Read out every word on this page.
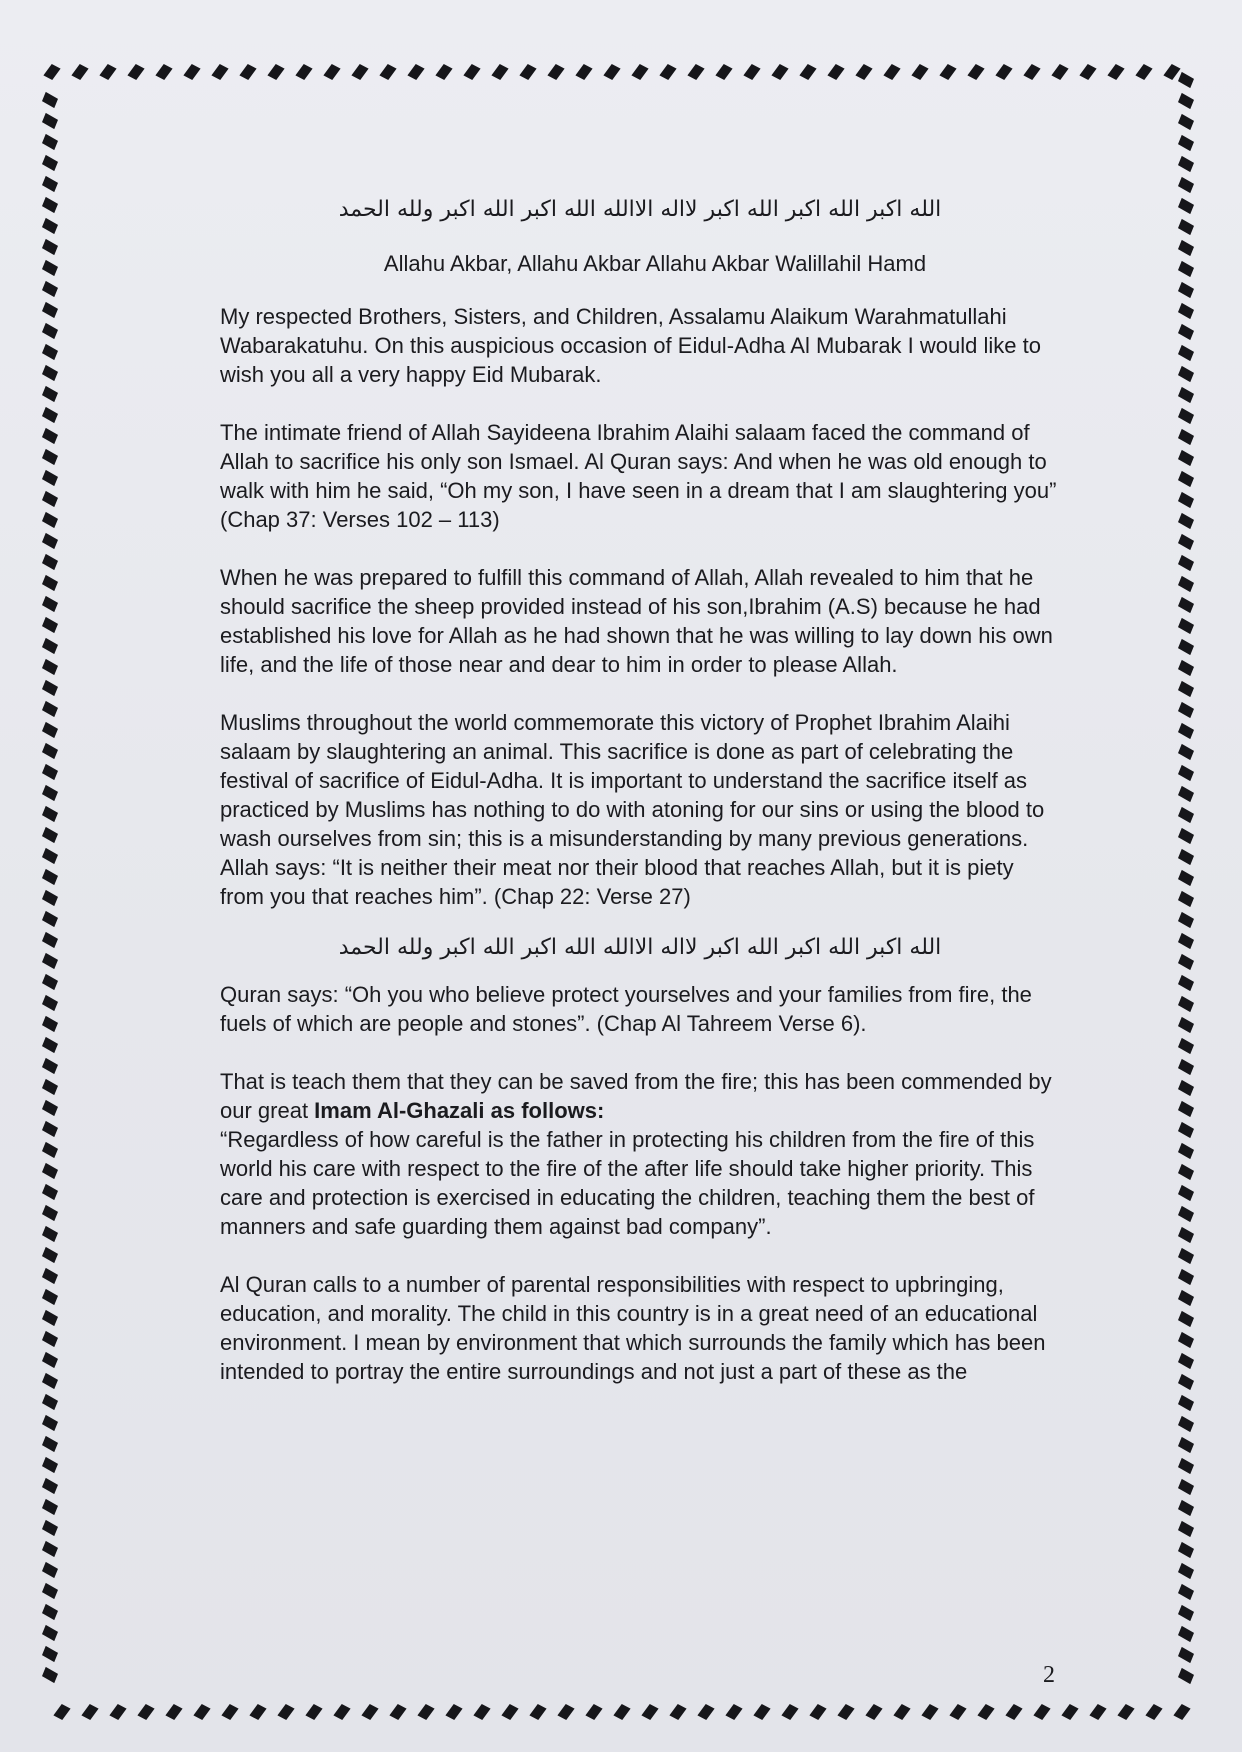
الله اكبر الله اكبر الله اكبر لااله الاالله الله اكبر الله اكبر ولله الحمد

Allahu Akbar, Allahu Akbar Allahu Akbar Walillahil Hamd

My respected Brothers, Sisters, and Children, Assalamu Alaikum Warahmatullahi Wabarakatuhu. On this auspicious occasion of Eidul-Adha Al Mubarak I would like to wish you all a very happy Eid Mubarak.

The intimate friend of Allah Sayideena Ibrahim Alaihi salaam faced the command of Allah to sacrifice his only son Ismael. Al Quran says: And when he was old enough to walk with him he said, “Oh my son, I have seen in a dream that I am slaughtering you” (Chap 37: Verses 102 – 113)

When he was prepared to fulfill this command of Allah, Allah revealed to him that he should sacrifice the sheep provided instead of his son,Ibrahim (A.S) because he had established his love for Allah as he had shown that he was willing to lay down his own life, and the life of those near and dear to him in order to please Allah.

Muslims throughout the world commemorate this victory of Prophet Ibrahim Alaihi salaam by slaughtering an animal. This sacrifice is done as part of celebrating the festival of sacrifice of Eidul-Adha. It is important to understand the sacrifice itself as practiced by Muslims has nothing to do with atoning for our sins or using the blood to wash ourselves from sin; this is a misunderstanding by many previous generations.

Allah says: “It is neither their meat nor their blood that reaches Allah, but it is piety from you that reaches him”. (Chap 22: Verse 27)

الله اكبر الله اكبر الله اكبر لااله الاالله الله اكبر الله اكبر ولله الحمد

Quran says: “Oh you who believe protect yourselves and your families from fire, the fuels of which are people and stones”. (Chap Al Tahreem Verse 6).

That is teach them that they can be saved from the fire; this has been commended by our great Imam Al-Ghazali as follows:

“Regardless of how careful is the father in protecting his children from the fire of this world his care with respect to the fire of the after life should take higher priority. This care and protection is exercised in educating the children, teaching them the best of manners and safe guarding them against bad company”.

Al Quran calls to a number of parental responsibilities with respect to upbringing, education, and morality. The child in this country is in a great need of an educational environment. I mean by environment that which surrounds the family which has been intended to portray the entire surroundings and not just a part of these as the

2
